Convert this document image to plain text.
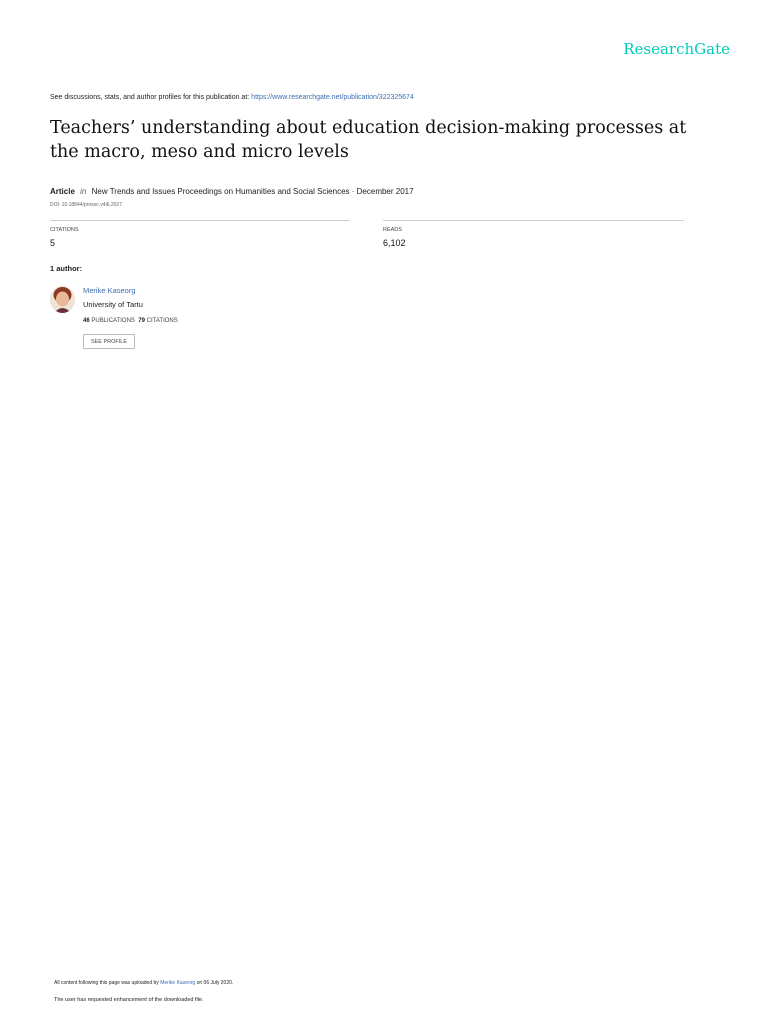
ResearchGate
See discussions, stats, and author profiles for this publication at: https://www.researchgate.net/publication/322325674
Teachers’ understanding about education decision-making processes at the macro, meso and micro levels
Article in New Trends and Issues Proceedings on Humanities and Social Sciences · December 2017
DOI: 10.18844/prosoc.v4i6.2027
CITATIONS
5
READS
6,102
1 author:
Merike Kaseorg
University of Tartu
46 PUBLICATIONS 79 CITATIONS
SEE PROFILE
All content following this page was uploaded by Merike Kaseorg on 06 July 2020.
The user has requested enhancement of the downloaded file.
